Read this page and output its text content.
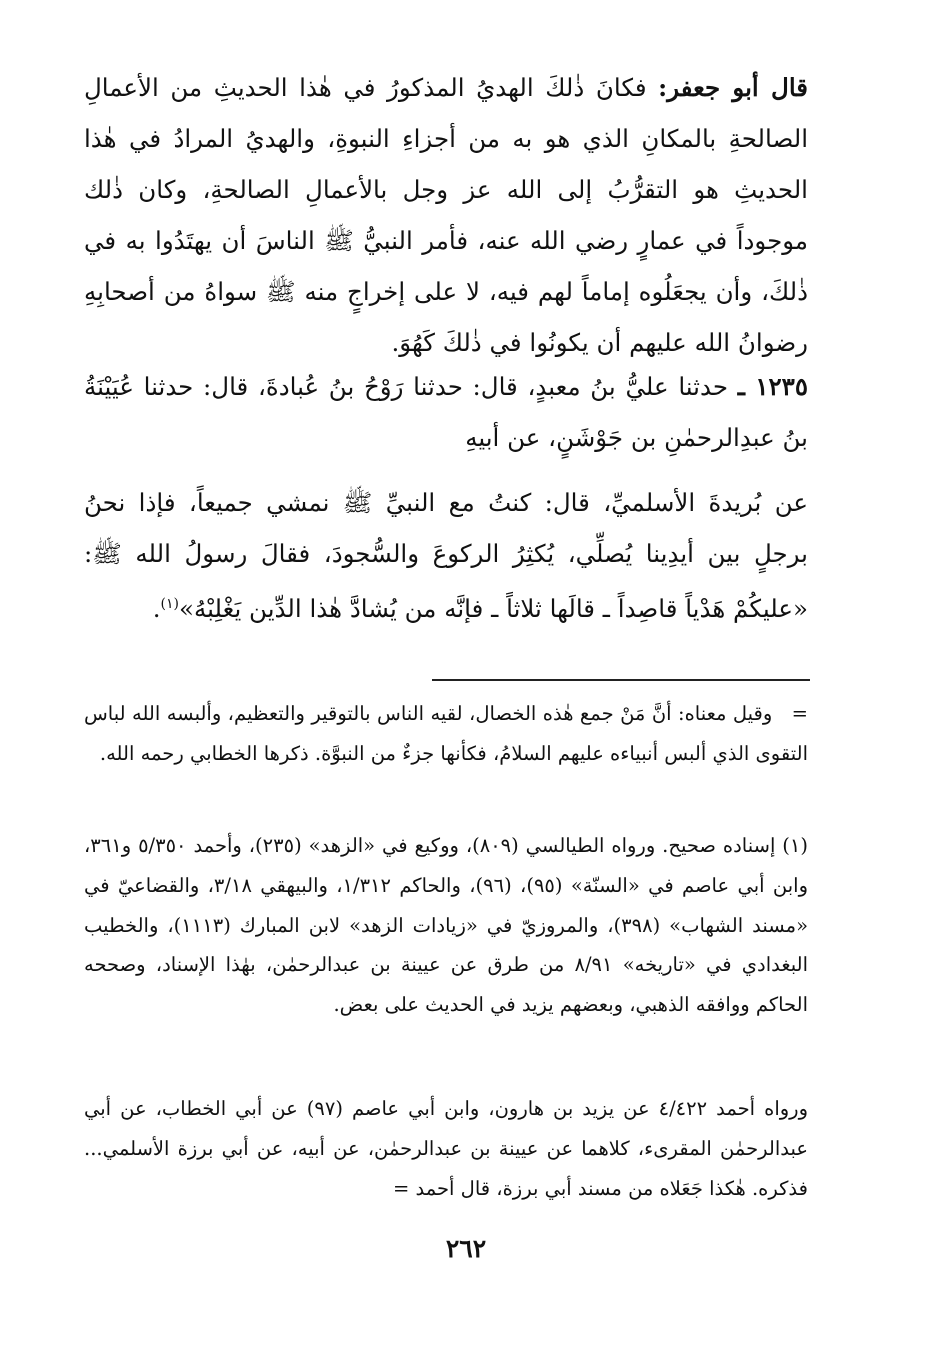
قال أبو جعفر: فكانَ ذٰلكَ الهديُ المذكورُ في هٰذا الحديثِ من الأعمالِ الصالحةِ بالمكانِ الذي هو به من أجزاءِ النبوةِ، والهديُ المرادُ في هٰذا الحديثِ هو التقرُّبُ إلى الله عز وجل بالأعمالِ الصالحةِ، وكان ذٰلك موجوداً في عمارٍ رضي الله عنه، فأمر النبيُّ ﷺ الناسَ أن يهتَدُوا به في ذٰلكَ، وأن يجعَلُوه إماماً لهم فيه، لا على إخراجٍ منه ﷺ سواهُ من أصحابِهِ رضوانُ الله عليهم أن يكونُوا في ذٰلكَ كَهُوَ.

١٢٣٥ ـ حدثنا عليُّ بنُ معبدٍ، قال: حدثنا رَوْحُ بنُ عُبادةَ، قال: حدثنا عُيَيْنَةُ بنُ عبدِالرحمٰنِ بن جَوْشَنٍ، عن أبيهِ

عن بُريدةَ الأسلميِّ، قال: كنتُ مع النبيِّ ﷺ نمشي جميعاً، فإذا نحنُ برجلٍ بين أيدِينا يُصلِّي، يُكثِرُ الركوعَ والسُّجودَ، فقالَ رسولُ الله ﷺ: «عليكُمْ هَدْياً قاصِداً ـ قالَها ثلاثاً ـ فإنَّه من يُشادَّ هٰذا الدِّين يَغْلِبْهُ»$^{(١)}$.

=   وقيل معناه: أنَّ مَنْ جمع هٰذه الخصال، لقيه الناس بالتوقير والتعظيم، وألبسه الله لباس التقوى الذي ألبس أنبياءه عليهم السلامُ، فكأنها جزءٌ من النبوَّة. ذكرها الخطابي رحمه الله.

(١) إسناده صحيح. ورواه الطيالسي (٨٠٩)، ووكيع في «الزهد» (٢٣٥)، وأحمد ٥/٣٥٠ و٣٦١، وابن أبي عاصم في «السنّة» (٩٥)، (٩٦)، والحاكم ١/٣١٢، والبيهقي ٣/١٨، والقضاعيّ في «مسند الشهاب» (٣٩٨)، والمروزيّ في «زيادات الزهد» لابن المبارك (١١١٣)، والخطيب البغدادي في «تاريخه» ٨/٩١ من طرق عن عيينة بن عبدالرحمٰن، بهٰذا الإسناد، وصححه الحاكم ووافقه الذهبي، وبعضهم يزيد في الحديث على بعض.

ورواه أحمد ٤/٤٢٢ عن يزيد بن هارون، وابن أبي عاصم (٩٧) عن أبي الخطاب، عن أبي عبدالرحمٰن المقرىء، كلاهما عن عيينة بن عبدالرحمٰن، عن أبيه، عن أبي برزة الأسلمي... فذكره. هٰكذا جَعَلاه من مسند أبي برزة، قال أحمد =

٢٦٢
